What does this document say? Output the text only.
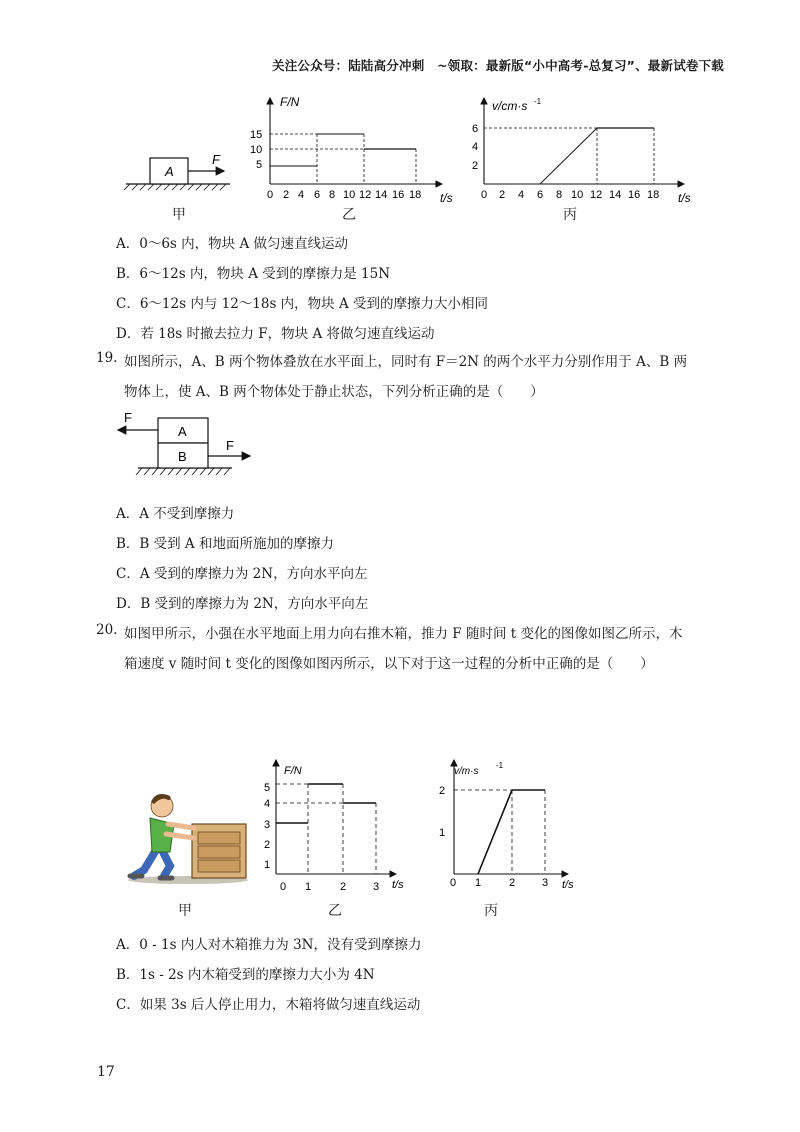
关注公众号：陆陆高分冲刺　~领取：最新版“小中高考-总复习”、最新试卷下载
A
F
甲
F/N
15
10
5
0 2 4 6 8 10 12 14 16 18 t/s
乙
v/cm·s -1
6
4
2
0 2 4 6 8 10 12 14 16 18 t/s
丙
A．0～6s 内，物块 A 做匀速直线运动
B．6～12s 内，物块 A 受到的摩擦力是 15N
C．6～12s 内与 12～18s 内，物块 A 受到的摩擦力大小相同
D．若 18s 时撤去拉力 F，物块 A 将做匀速直线运动
19. 如图所示，A、B 两个物体叠放在水平面上，同时有 F＝2N 的两个水平力分别作用于 A、B 两
物体上，使 A、B 两个物体处于静止状态，下列分析正确的是（　　）
A
B
F
F
A．A 不受到摩擦力
B．B 受到 A 和地面所施加的摩擦力
C．A 受到的摩擦力为 2N，方向水平向左
D．B 受到的摩擦力为 2N，方向水平向左
20. 如图甲所示，小强在水平地面上用力向右推木箱，推力 F 随时间 t 变化的图像如图乙所示，木
箱速度 v 随时间 t 变化的图像如图丙所示，以下对于这一过程的分析中正确的是（　　）
甲
F/N
5
4
3
2
1
0 1	2 3 t/s
乙
v/m·s
-1
2
1
0 1	2 3 t/s
丙
A．0 - 1s 内人对木箱推力为 3N，没有受到摩擦力
B．1s - 2s 内木箱受到的摩擦力大小为 4N
C．如果 3s 后人停止用力，木箱将做匀速直线运动
17
